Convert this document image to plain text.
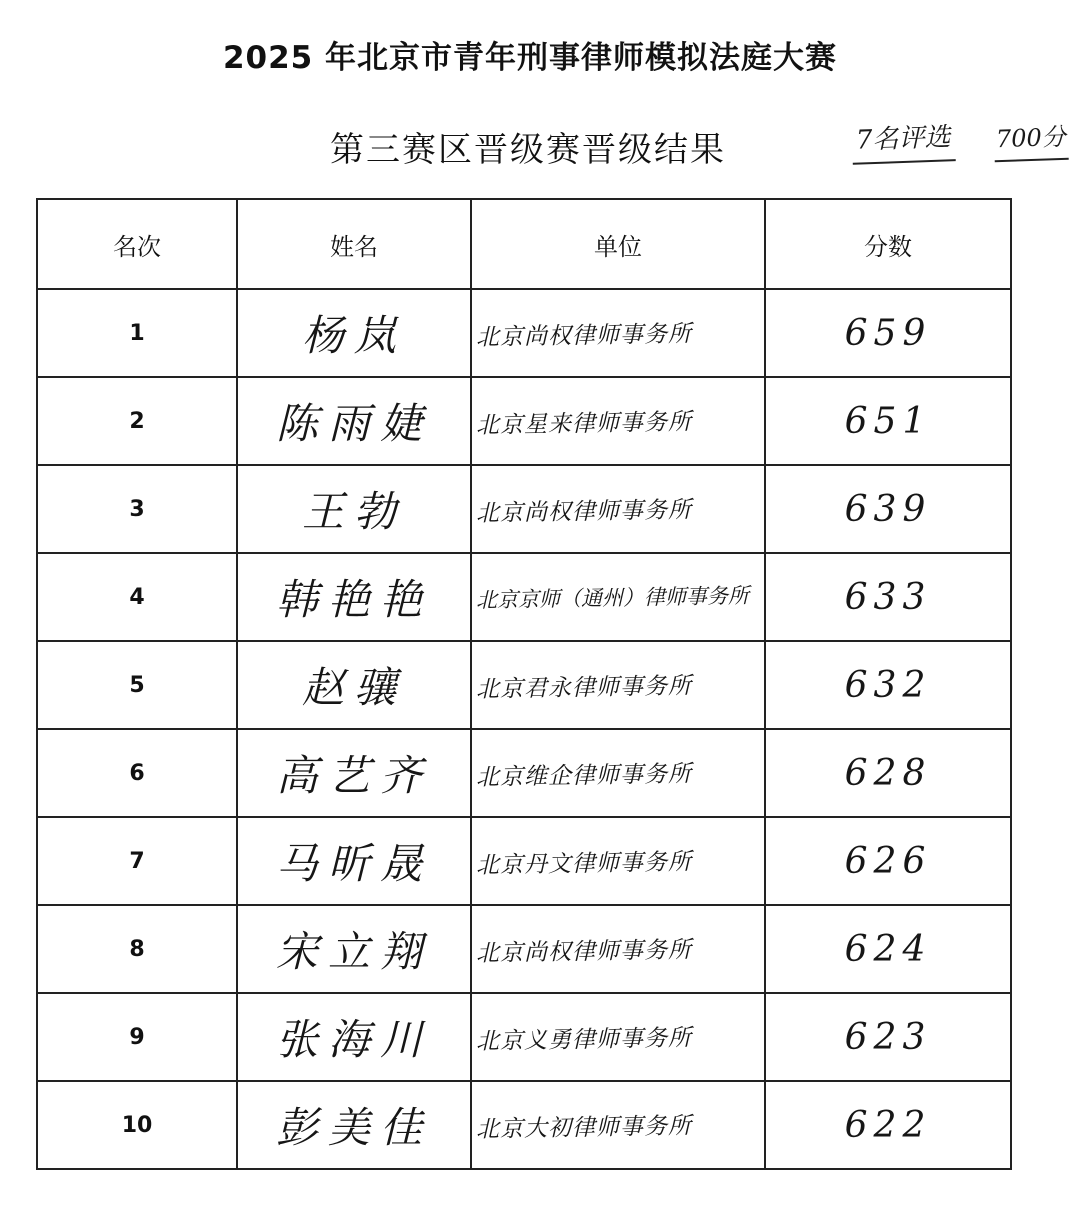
2025 年北京市青年刑事律师模拟法庭大赛
第三赛区晋级赛晋级结果	7名评选 700分
名次	姓名	单位	分数
1	杨岚	北京尚权律师事务所	659
2	陈雨婕	北京星来律师事务所	651
3	王勃	北京尚权律师事务所	639
4	韩艳艳	北京京师（通州）律师事务所	633
5	赵骧	北京君永律师事务所	632
6	高艺齐	北京维企律师事务所	628
7	马昕晟	北京丹文律师事务所	626
8	宋立翔	北京尚权律师事务所	624
9	张海川	北京义勇律师事务所	623
10	彭美佳	北京大初律师事务所	622
